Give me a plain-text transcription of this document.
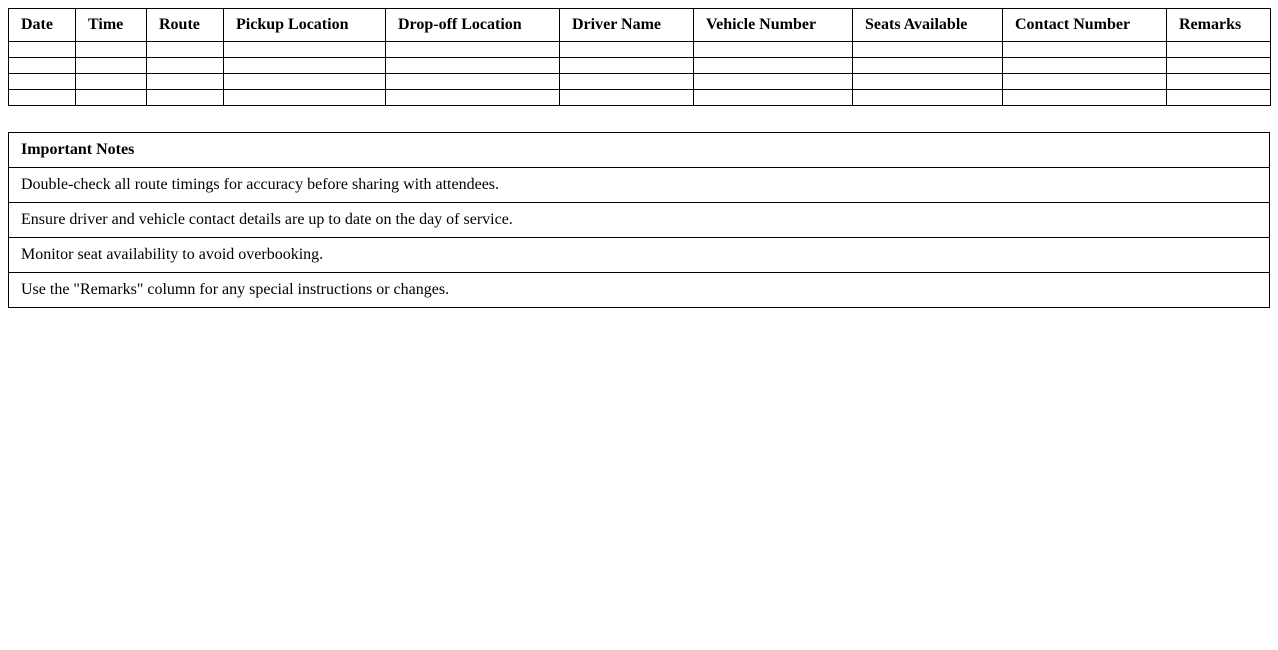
Date	Time	Route	Pickup Location	Drop-off Location	Driver Name	Vehicle Number	Seats Available	Contact Number	Remarks

Important Notes
Double-check all route timings for accuracy before sharing with attendees.
Ensure driver and vehicle contact details are up to date on the day of service.
Monitor seat availability to avoid overbooking.
Use the "Remarks" column for any special instructions or changes.
